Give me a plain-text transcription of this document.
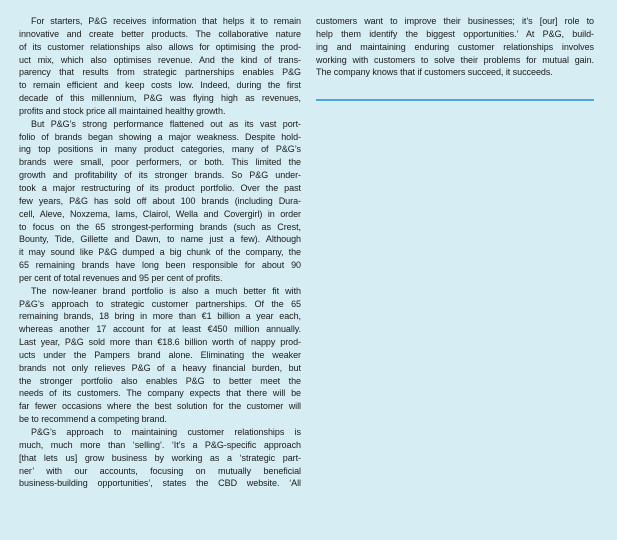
For starters, P&G receives information that helps it to remain
innovative and create better products. The collaborative nature
of its customer relationships also allows for optimising the prod-
uct mix, which also optimises revenue. And the kind of trans-
parency that results from strategic partnerships enables P&G
to remain efficient and keep costs low. Indeed, during the first
decade of this millennium, P&G was flying high as revenues,
profits and stock price all maintained healthy growth.

But P&G’s strong performance flattened out as its vast port-
folio of brands began showing a major weakness. Despite hold-
ing top positions in many product categories, many of P&G’s
brands were small, poor performers, or both. This limited the
growth and profitability of its stronger brands. So P&G under-
took a major restructuring of its product portfolio. Over the past
few years, P&G has sold off about 100 brands (including Dura-
cell, Aleve, Noxzema, Iams, Clairol, Wella and Covergirl) in order
to focus on the 65 strongest-performing brands (such as Crest,
Bounty, Tide, Gillette and Dawn, to name just a few). Although
it may sound like P&G dumped a big chunk of the company, the
65 remaining brands have long been responsible for about 90
per cent of total revenues and 95 per cent of profits.

The now-leaner brand portfolio is also a much better fit with
P&G’s approach to strategic customer partnerships. Of the 65
remaining brands, 18 bring in more than €1 billion a year each,
whereas another 17 account for at least €450 million annually.
Last year, P&G sold more than €18.6 billion worth of nappy prod-
ucts under the Pampers brand alone. Eliminating the weaker
brands not only relieves P&G of a heavy financial burden, but
the stronger portfolio also enables P&G to better meet the
needs of its customers. The company expects that there will be
far fewer occasions where the best solution for the customer will
be to recommend a competing brand.

P&G’s approach to maintaining customer relationships is
much, much more than ‘selling’. ‘It’s a P&G-specific approach
[that lets us] grow business by working as a ‘strategic part-
ner’ with our accounts, focusing on mutually beneficial
business-building opportunities’, states the CBD website. ‘All

customers want to improve their businesses; it’s [our] role to
help them identify the biggest opportunities.’ At P&G, build-
ing and maintaining enduring customer relationships involves
working with customers to solve their problems for mutual gain.
The company knows that if customers succeed, it succeeds.
